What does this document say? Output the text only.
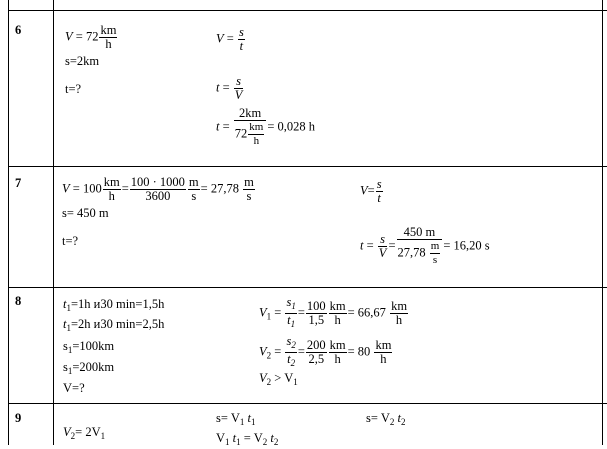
6	$V = 72 \frac{km}{h}$
s=2km
t=?
$V = \frac{s}{t}$
$t = \frac{s}{V}$
t =
2km
$72 \frac{km}{h} = 0,028$ h
7	$V = 100 \frac{km}{h} = \frac{100 \cdot 1000}{3600} \frac{m}{s} = 27,78 \frac{m}{s}$
s= 450 m
t=?
$V= \frac{s}{t}$
$t = \frac{s}{V} = \frac{450 m}{27,78 \frac{m}{s}} = 16,20$ s
8	$t_1=1h$ и30 min=1,5h
$t_1=2h$ и30 min=2,5h
$s_1=100km$
$s_1=200km$
V=?
$V_1 = \frac{s_1}{t_1} = \frac{100}{1,5} \frac{km}{h} = 66,67 \frac{km}{h}$
$V_2 = \frac{s_2}{t_2} = \frac{200}{2,5} \frac{km}{h} = 80 \frac{km}{h}$
$V_2 > V_1$
9
$V_2= 2V_1$
$s= V_1$ $t_1$
$V_1$ $t_1 = V_2$ $t_2$
$s= V_2$ $t_2$
